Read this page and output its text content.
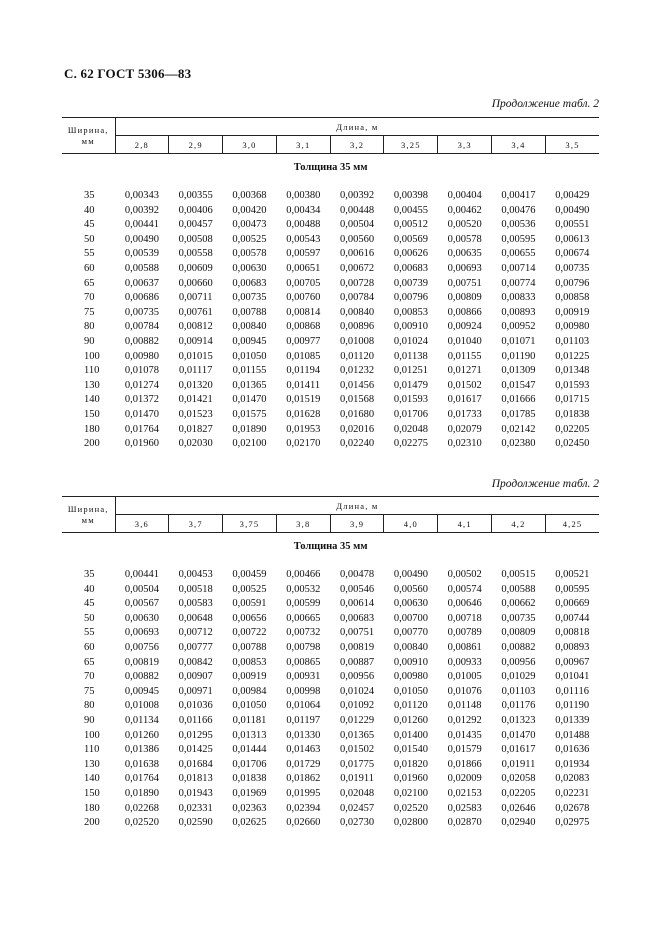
С. 62 ГОСТ 5306—83
Продолжение табл. 2
Ширина,
мм	Длина, м								
	2,8	2,9	3,0	3,1	3,2	3,25	3,3	3,4	3,5
Толщина 35 мм									

35	0,00343	0,00355	0,00368	0,00380	0,00392	0,00398	0,00404	0,00417	0,00429
40	0,00392	0,00406	0,00420	0,00434	0,00448	0,00455	0,00462	0,00476	0,00490
45	0,00441	0,00457	0,00473	0,00488	0,00504	0,00512	0,00520	0,00536	0,00551
50	0,00490	0,00508	0,00525	0,00543	0,00560	0,00569	0,00578	0,00595	0,00613
55	0,00539	0,00558	0,00578	0,00597	0,00616	0,00626	0,00635	0,00655	0,00674
60	0,00588	0,00609	0,00630	0,00651	0,00672	0,00683	0,00693	0,00714	0,00735
65	0,00637	0,00660	0,00683	0,00705	0,00728	0,00739	0,00751	0,00774	0,00796
70	0,00686	0,00711	0,00735	0,00760	0,00784	0,00796	0,00809	0,00833	0,00858
75	0,00735	0,00761	0,00788	0,00814	0,00840	0,00853	0,00866	0,00893	0,00919
80	0,00784	0,00812	0,00840	0,00868	0,00896	0,00910	0,00924	0,00952	0,00980
90	0,00882	0,00914	0,00945	0,00977	0,01008	0,01024	0,01040	0,01071	0,01103
100	0,00980	0,01015	0,01050	0,01085	0,01120	0,01138	0,01155	0,01190	0,01225
110	0,01078	0,01117	0,01155	0,01194	0,01232	0,01251	0,01271	0,01309	0,01348
130	0,01274	0,01320	0,01365	0,01411	0,01456	0,01479	0,01502	0,01547	0,01593
140	0,01372	0,01421	0,01470	0,01519	0,01568	0,01593	0,01617	0,01666	0,01715
150	0,01470	0,01523	0,01575	0,01628	0,01680	0,01706	0,01733	0,01785	0,01838
180	0,01764	0,01827	0,01890	0,01953	0,02016	0,02048	0,02079	0,02142	0,02205
200	0,01960	0,02030	0,02100	0,02170	0,02240	0,02275	0,02310	0,02380	0,02450
Продолжение табл. 2
Ширина,
мм	Длина, м								
	3,6	3,7	3,75	3,8	3,9	4,0	4,1	4,2	4,25
Толщина 35 мм									

35	0,00441	0,00453	0,00459	0,00466	0,00478	0,00490	0,00502	0,00515	0,00521
40	0,00504	0,00518	0,00525	0,00532	0,00546	0,00560	0,00574	0,00588	0,00595
45	0,00567	0,00583	0,00591	0,00599	0,00614	0,00630	0,00646	0,00662	0,00669
50	0,00630	0,00648	0,00656	0,00665	0,00683	0,00700	0,00718	0,00735	0,00744
55	0,00693	0,00712	0,00722	0,00732	0,00751	0,00770	0,00789	0,00809	0,00818
60	0,00756	0,00777	0,00788	0,00798	0,00819	0,00840	0,00861	0,00882	0,00893
65	0,00819	0,00842	0,00853	0,00865	0,00887	0,00910	0,00933	0,00956	0,00967
70	0,00882	0,00907	0,00919	0,00931	0,00956	0,00980	0,01005	0,01029	0,01041
75	0,00945	0,00971	0,00984	0,00998	0,01024	0,01050	0,01076	0,01103	0,01116
80	0,01008	0,01036	0,01050	0,01064	0,01092	0,01120	0,01148	0,01176	0,01190
90	0,01134	0,01166	0,01181	0,01197	0,01229	0,01260	0,01292	0,01323	0,01339
100	0,01260	0,01295	0,01313	0,01330	0,01365	0,01400	0,01435	0,01470	0,01488
110	0,01386	0,01425	0,01444	0,01463	0,01502	0,01540	0,01579	0,01617	0,01636
130	0,01638	0,01684	0,01706	0,01729	0,01775	0,01820	0,01866	0,01911	0,01934
140	0,01764	0,01813	0,01838	0,01862	0,01911	0,01960	0,02009	0,02058	0,02083
150	0,01890	0,01943	0,01969	0,01995	0,02048	0,02100	0,02153	0,02205	0,02231
180	0,02268	0,02331	0,02363	0,02394	0,02457	0,02520	0,02583	0,02646	0,02678
200	0,02520	0,02590	0,02625	0,02660	0,02730	0,02800	0,02870	0,02940	0,02975
